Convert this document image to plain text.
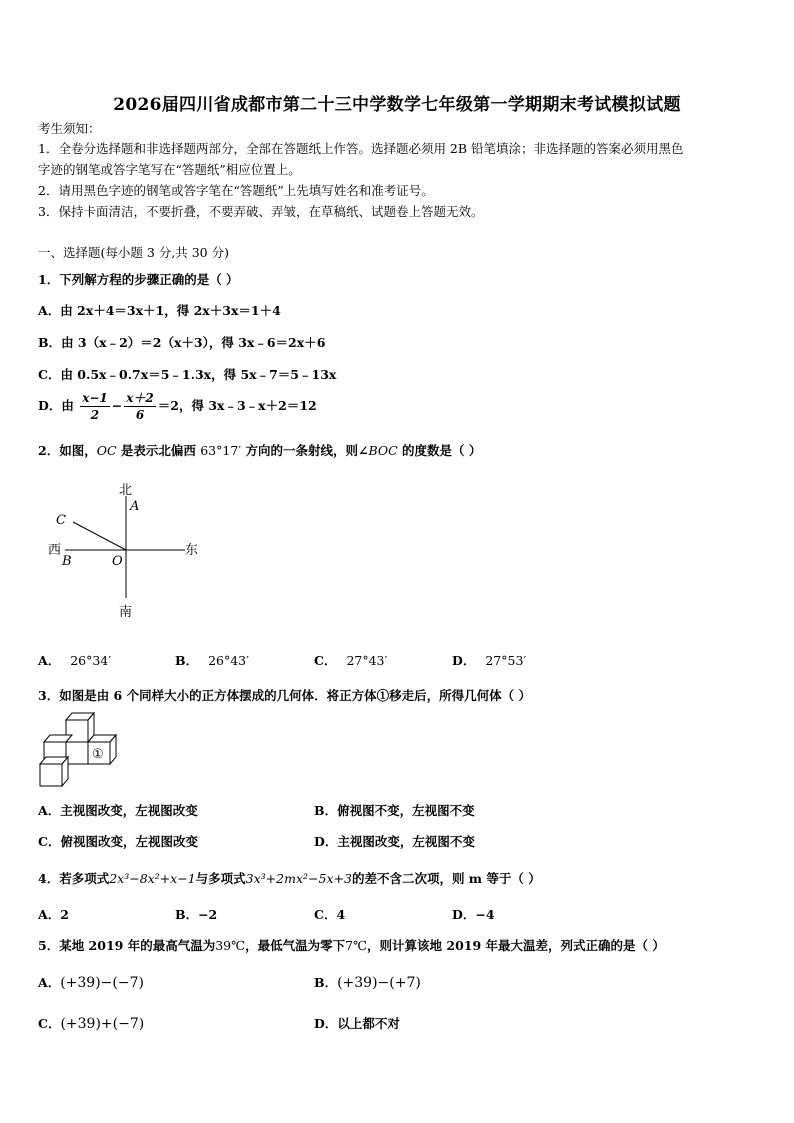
2026届四川省成都市第二十三中学数学七年级第一学期期末考试模拟试题
考生须知：
1．全卷分选择题和非选择题两部分，全部在答题纸上作答。选择题必须用 2B 铅笔填涂；非选择题的答案必须用黑色
字迹的钢笔或答字笔写在“答题纸”相应位置上。
2．请用黑色字迹的钢笔或答字笔在“答题纸”上先填写姓名和准考证号。
3．保持卡面清洁，不要折叠，不要弄破、弄皱，在草稿纸、试题卷上答题无效。
一、选择题(每小题 3 分,共 30 分)
1．下列解方程的步骤正确的是（ ）
A．由 2x＋4＝3x＋1，得 2x＋3x＝1＋4
B．由 3（x﹣2）＝2（x＋3），得 3x﹣6＝2x＋6
C．由 0.5x﹣0.7x＝5﹣1.3x，得 5x﹣7＝5﹣13x
D．由 $\frac{x-1}{2} - \frac{x+2}{6} =2$，得 3x﹣3﹣x＋2＝12
2．如图，OC 是表示北偏西 63°17′ 方向的一条射线，则∠BOC 的度数是（ ）
北
A
C
西
B	O
东
南
A． 26°34′	B． 26°43′	C． 27°43′	D． 27°53′
3．如图是由 6 个同样大小的正方体摆成的几何体．将正方体①移走后，所得几何体（ ）
①
A．主视图改变，左视图改变	B．俯视图不变，左视图不变
C．俯视图改变，左视图改变	D．主视图改变，左视图不变
4．若多项式2x³−8x²+x−1与多项式3x³+2mx²−5x+3的差不含二次项，则 m 等于（ ）
A．2	B．−2	C．4	D．−4
5．某地 2019 年的最高气温为39℃，最低气温为零下7℃，则计算该地 2019 年最大温差，列式正确的是（ ）
A．(+39)−(−7)	B．(+39)−(+7)
C．(+39)+(−7)	D．以上都不对
